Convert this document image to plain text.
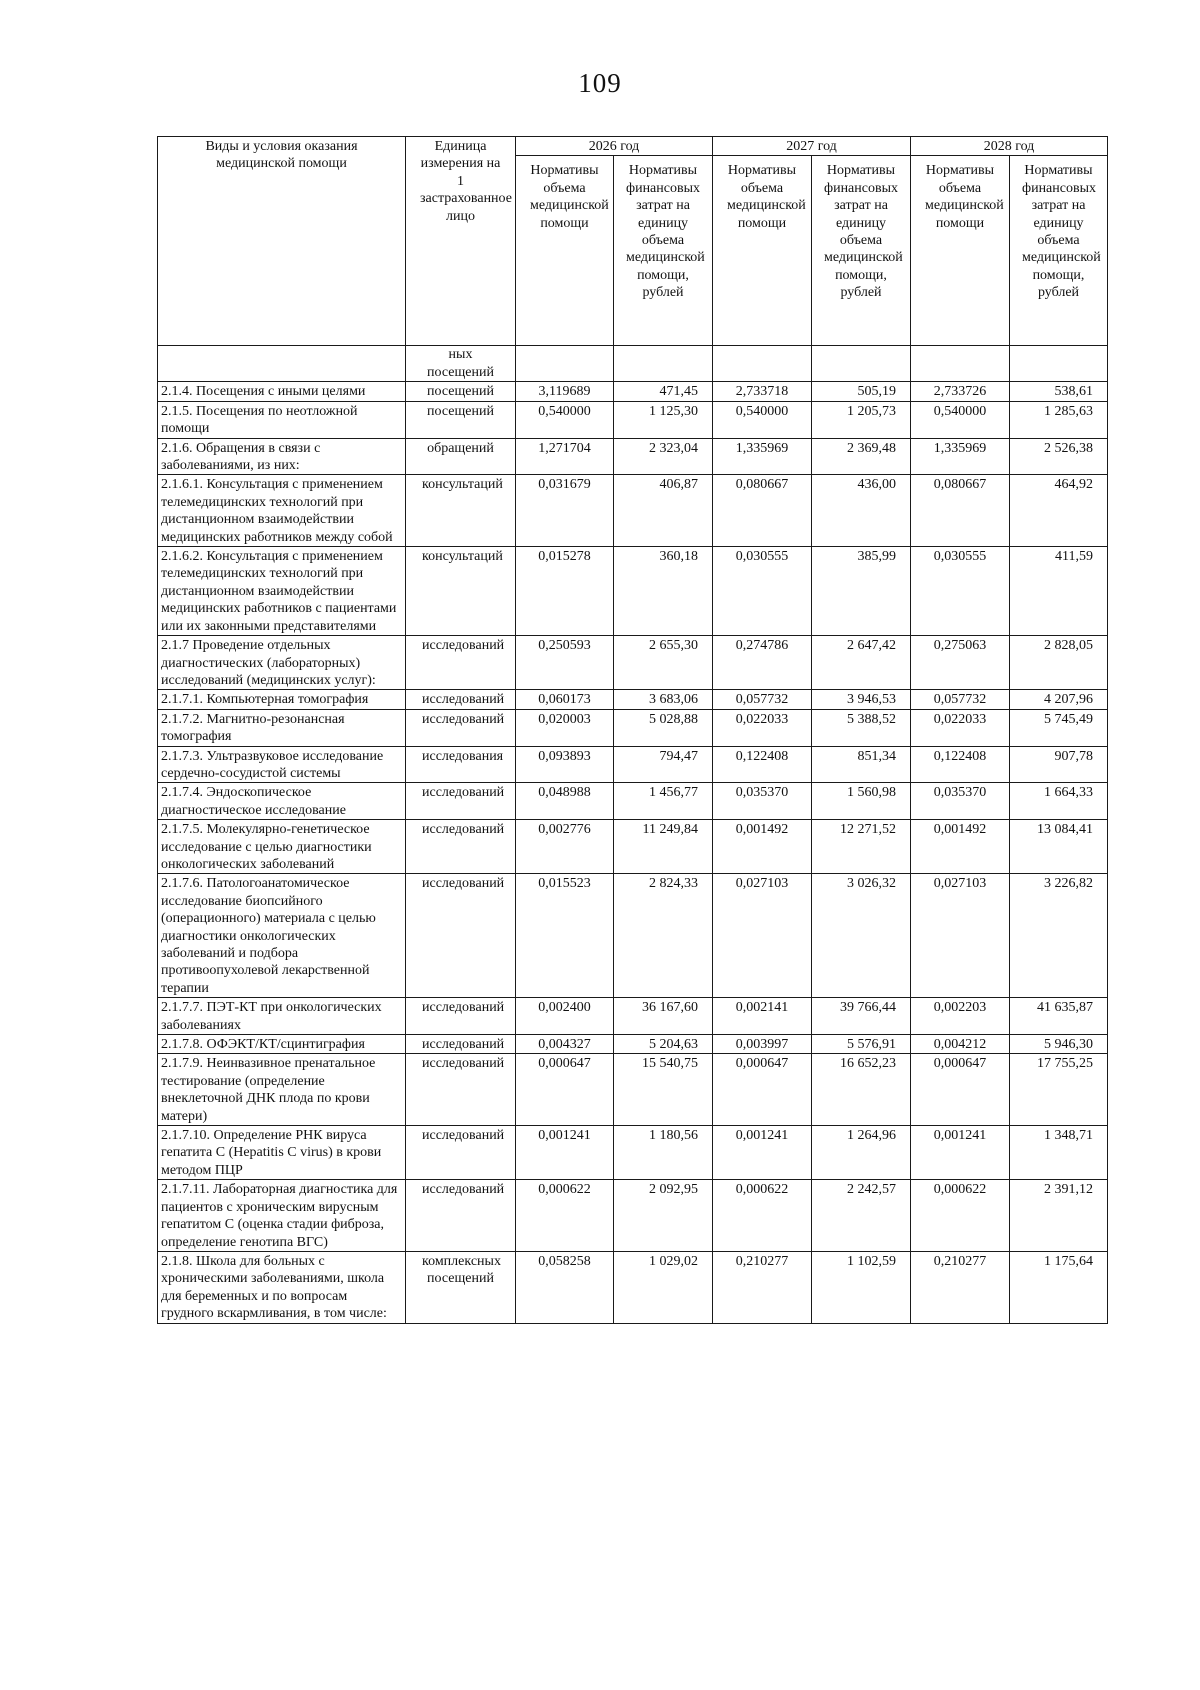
109
Виды и условия оказания медицинской помощи	Единица измерения на 1 застрахованное лицо	2026 год		2027 год		2028 год	
		Нормативы объема медицинской помощи	Нормативы финансовых затрат на единицу объема медицинской помощи, рублей	Нормативы объема медицинской помощи	Нормативы финансовых затрат на единицу объема медицинской помощи, рублей	Нормативы объема медицинской помощи	Нормативы финансовых затрат на единицу объема медицинской помощи, рублей
	ных посещений						
2.1.4. Посещения с иными целями	посещений	3,119689	471,45	2,733718	505,19	2,733726	538,61
2.1.5. Посещения по неотложной помощи	посещений	0,540000	1 125,30	0,540000	1 205,73	0,540000	1 285,63
2.1.6. Обращения в связи с заболеваниями, из них:	обращений	1,271704	2 323,04	1,335969	2 369,48	1,335969	2 526,38
2.1.6.1. Консультация с применением телемедицинских технологий при дистанционном взаимодействии медицинских работников между собой	консультаций	0,031679	406,87	0,080667	436,00	0,080667	464,92
2.1.6.2. Консультация с применением телемедицинских технологий при дистанционном взаимодействии медицинских работников с пациентами или их законными представителями	консультаций	0,015278	360,18	0,030555	385,99	0,030555	411,59
2.1.7 Проведение отдельных диагностических (лабораторных) исследований (медицинских услуг):	исследований	0,250593	2 655,30	0,274786	2 647,42	0,275063	2 828,05
2.1.7.1. Компьютерная томография	исследований	0,060173	3 683,06	0,057732	3 946,53	0,057732	4 207,96
2.1.7.2. Магнитно-резонансная томография	исследований	0,020003	5 028,88	0,022033	5 388,52	0,022033	5 745,49
2.1.7.3. Ультразвуковое исследование сердечно-сосудистой системы	исследования	0,093893	794,47	0,122408	851,34	0,122408	907,78
2.1.7.4. Эндоскопическое диагностическое исследование	исследований	0,048988	1 456,77	0,035370	1 560,98	0,035370	1 664,33
2.1.7.5. Молекулярно-генетическое исследование с целью диагностики онкологических заболеваний	исследований	0,002776	11 249,84	0,001492	12 271,52	0,001492	13 084,41
2.1.7.6. Патологоанатомическое исследование биопсийного (операционного) материала с целью диагностики онкологических заболеваний и подбора противоопухолевой лекарственной терапии	исследований	0,015523	2 824,33	0,027103	3 026,32	0,027103	3 226,82
2.1.7.7. ПЭТ-КТ при онкологических заболеваниях	исследований	0,002400	36 167,60	0,002141	39 766,44	0,002203	41 635,87
2.1.7.8. ОФЭКТ/КТ/сцинтиграфия	исследований	0,004327	5 204,63	0,003997	5 576,91	0,004212	5 946,30
2.1.7.9. Неинвазивное пренатальное тестирование (определение внеклеточной ДНК плода по крови матери)	исследований	0,000647	15 540,75	0,000647	16 652,23	0,000647	17 755,25
2.1.7.10. Определение РНК вируса гепатита С (Hepatitis C virus) в крови методом ПЦР	исследований	0,001241	1 180,56	0,001241	1 264,96	0,001241	1 348,71
2.1.7.11. Лабораторная диагностика для пациентов с хроническим вирусным гепатитом С (оценка стадии фиброза, определение генотипа ВГС)	исследований	0,000622	2 092,95	0,000622	2 242,57	0,000622	2 391,12
2.1.8. Школа для больных с хроническими заболеваниями, школа для беременных и по вопросам грудного вскармливания, в том числе:	комплексных посещений	0,058258	1 029,02	0,210277	1 102,59	0,210277	1 175,64
